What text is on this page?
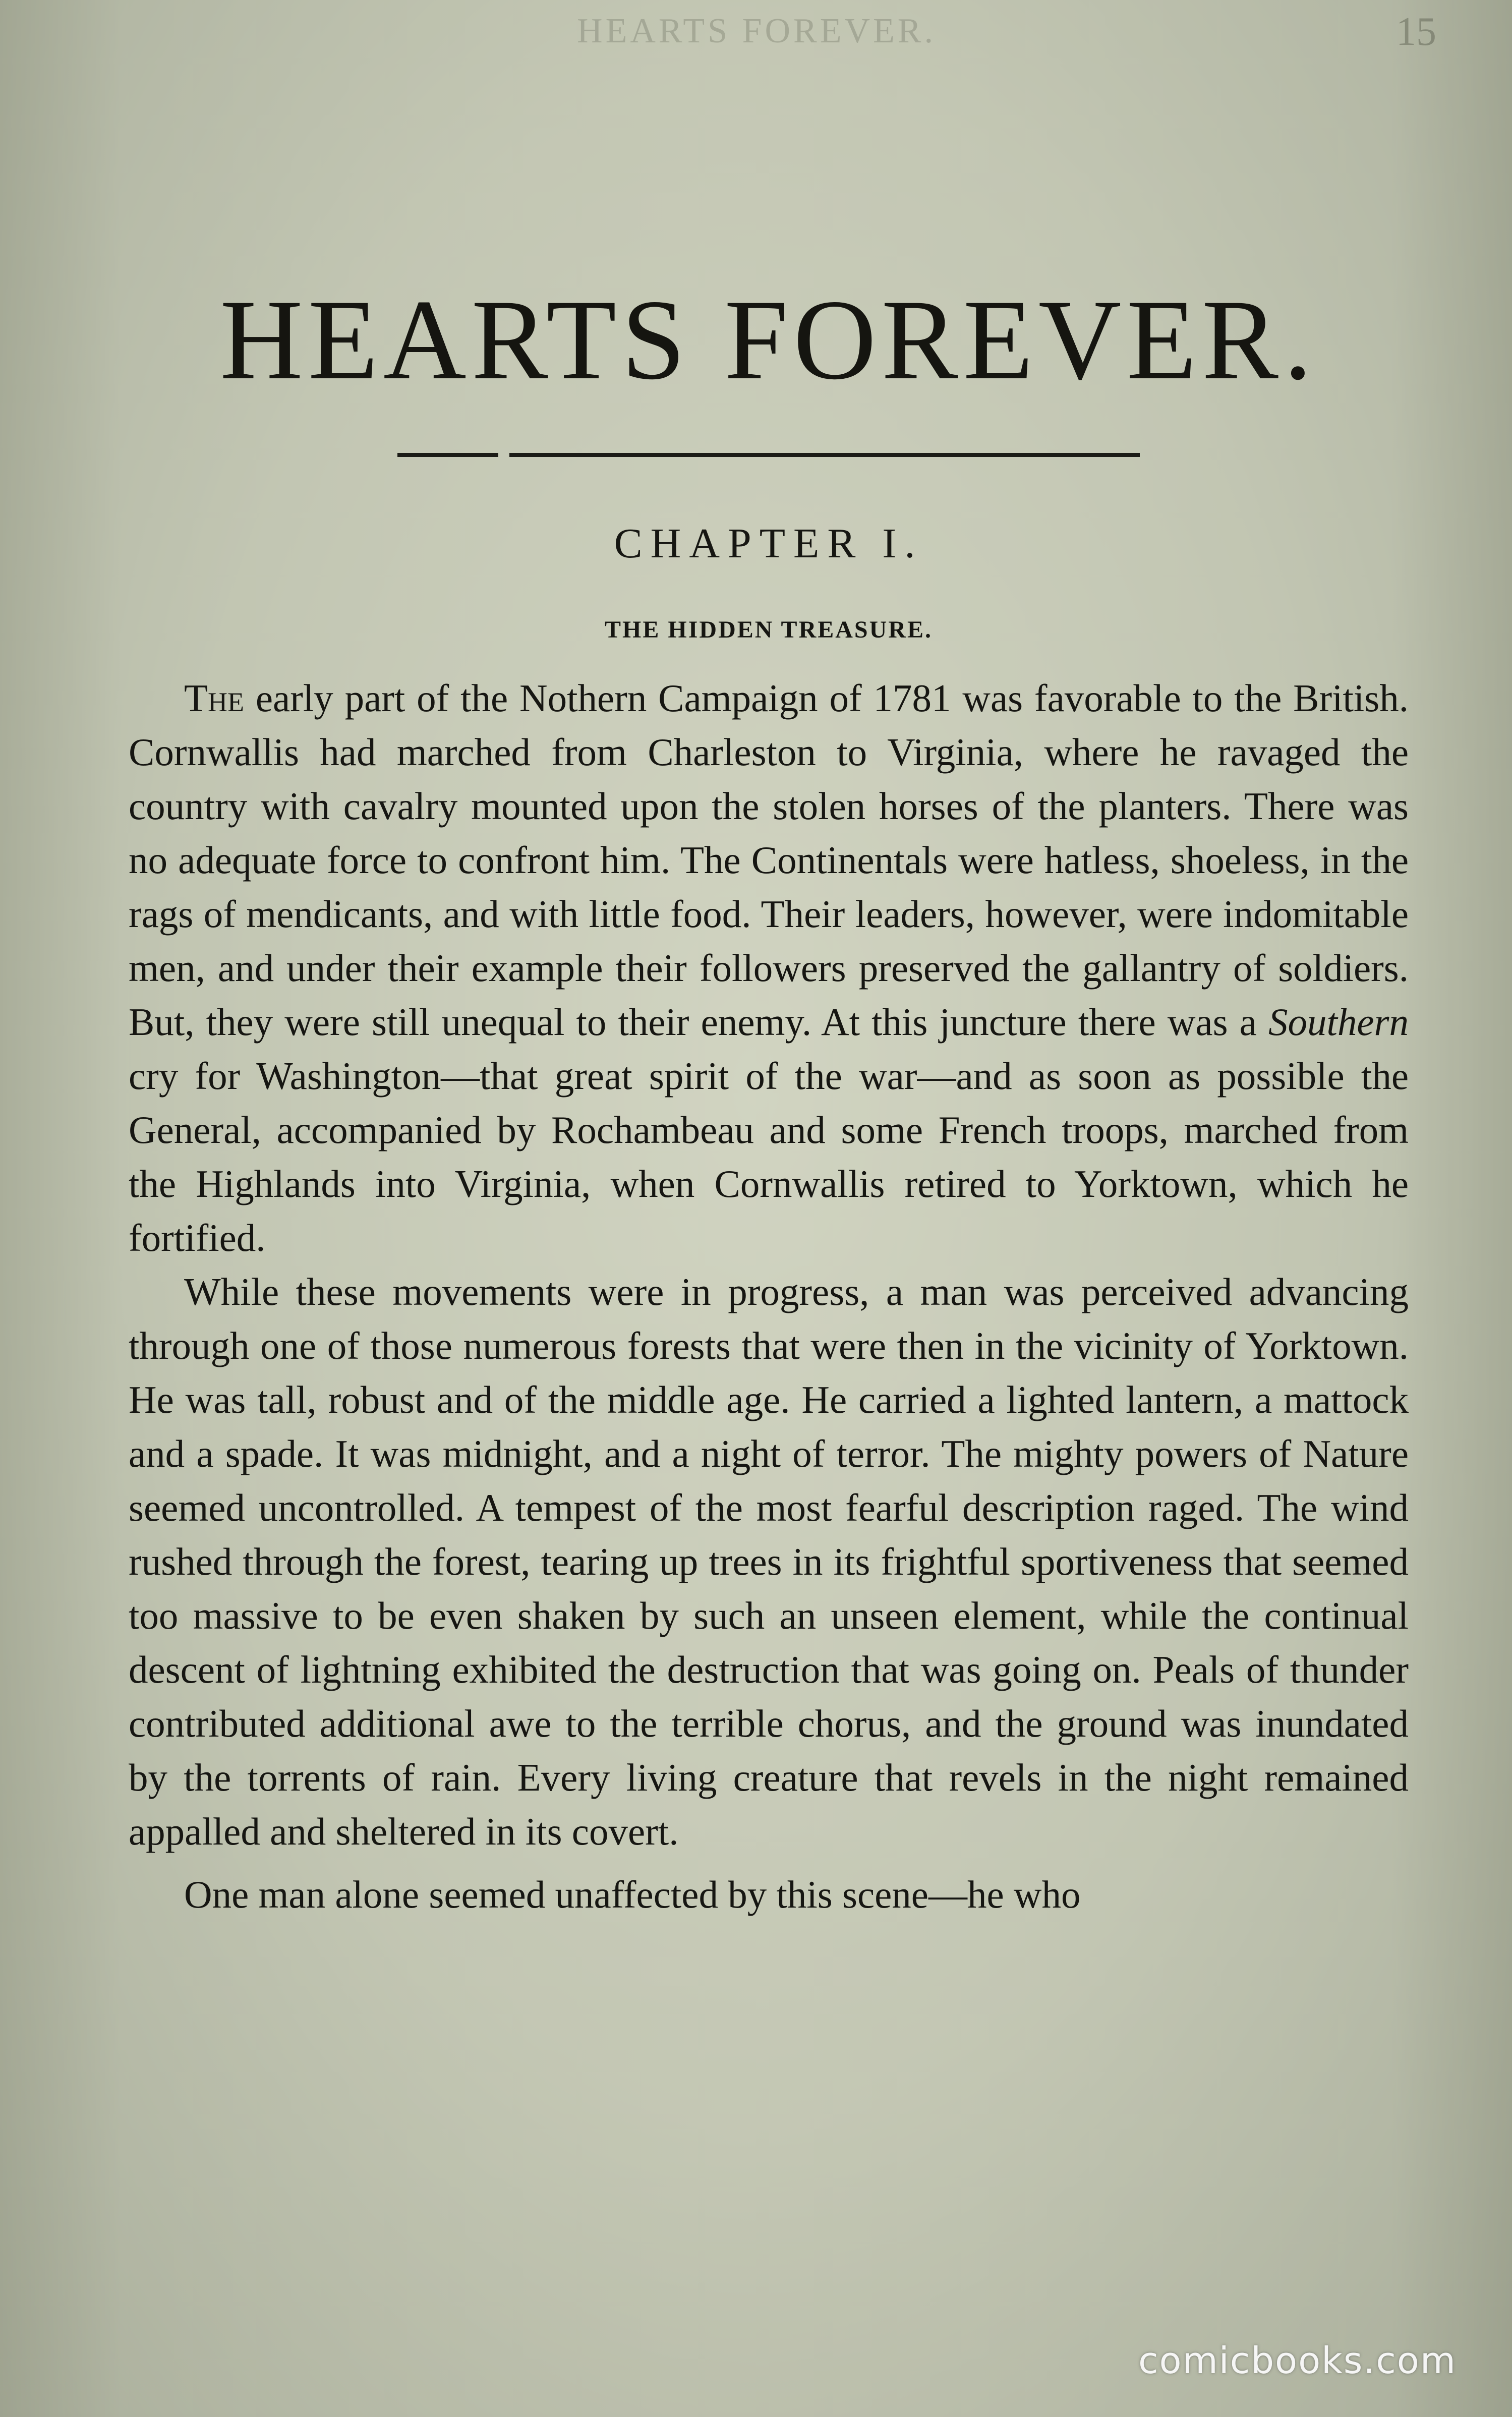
HEARTS FOREVER.	15
HEARTS FOREVER.
CHAPTER I.
THE HIDDEN TREASURE.

The early part of the Nothern Campaign of 1781 was favorable to the British. Cornwallis had marched from Charleston to Virginia, where he ravaged the country with cavalry mounted upon the stolen horses of the planters. There was no adequate force to confront him. The Continentals were hatless, shoeless, in the rags of mendicants, and with little food. Their leaders, however, were indomitable men, and under their example their followers preserved the gallantry of soldiers. But, they were still unequal to their enemy. At this juncture there was a Southern cry for Washington—that great spirit of the war—and as soon as possible the General, accompanied by Rochambeau and some French troops, marched from the Highlands into Virginia, when Cornwallis retired to Yorktown, which he fortified.

While these movements were in progress, a man was perceived advancing through one of those numerous forests that were then in the vicinity of Yorktown. He was tall, robust and of the middle age. He carried a lighted lantern, a mattock and a spade. It was midnight, and a night of terror. The mighty powers of Nature seemed uncontrolled. A tempest of the most fearful description raged. The wind rushed through the forest, tearing up trees in its frightful sportiveness that seemed too massive to be even shaken by such an unseen element, while the continual descent of lightning exhibited the destruction that was going on. Peals of thunder contributed additional awe to the terrible chorus, and the ground was inundated by the torrents of rain. Every living creature that revels in the night remained appalled and sheltered in its covert.

One man alone seemed unaffected by this scene—he who

comicbooks.com
